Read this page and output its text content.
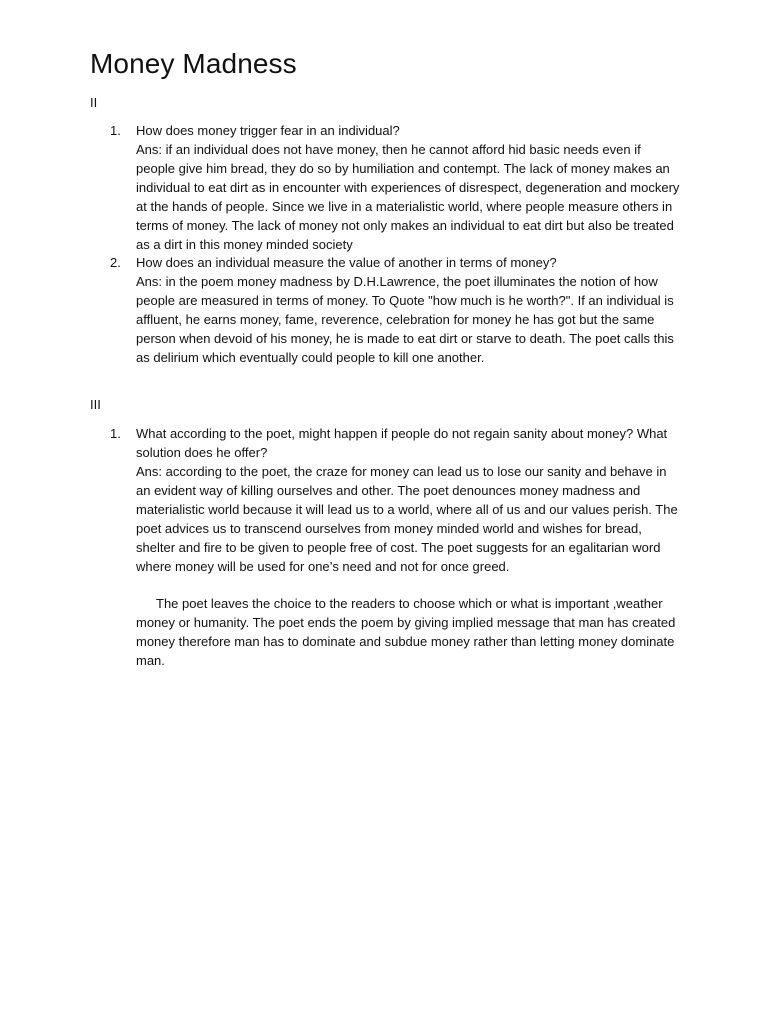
Money Madness
II
1.	How does money trigger fear in an individual?

Ans: if an individual does not have money, then he cannot afford hid basic needs even if people give him bread, they do so by humiliation and contempt. The lack of money makes an individual to eat dirt as in encounter with experiences of disrespect, degeneration and mockery at the hands of people. Since we live in a materialistic world, where people measure others in terms of money. The lack of money not only makes an individual to eat dirt but also be treated as a dirt in this money minded society

2.	How does an individual measure the value of another in terms of money?

Ans: in the poem money madness by D.H.Lawrence, the poet illuminates the notion of how people are measured in terms of money. To Quote "how much is he worth?". If an individual is affluent, he earns money, fame, reverence, celebration for money he has got but the same person when devoid of his money, he is made to eat dirt or starve to death. The poet calls this as delirium which eventually could people to kill one another.

III
1.	What according to the poet, might happen if people do not regain sanity about money? What solution does he offer?

Ans: according to the poet, the craze for money can lead us to lose our sanity and behave in an evident way of killing ourselves and other. The poet denounces money madness and materialistic world because it will lead us to a world, where all of us and our values perish. The poet advices us to transcend ourselves from money minded world and wishes for bread, shelter and fire to be given to people free of cost. The poet suggests for an egalitarian word where money will be used for one’s need and not for once greed.

The poet leaves the choice to the readers to choose which or what is important ,weather money or humanity. The poet ends the poem by giving implied message that man has created money therefore man has to dominate and subdue money rather than letting money dominate man.
